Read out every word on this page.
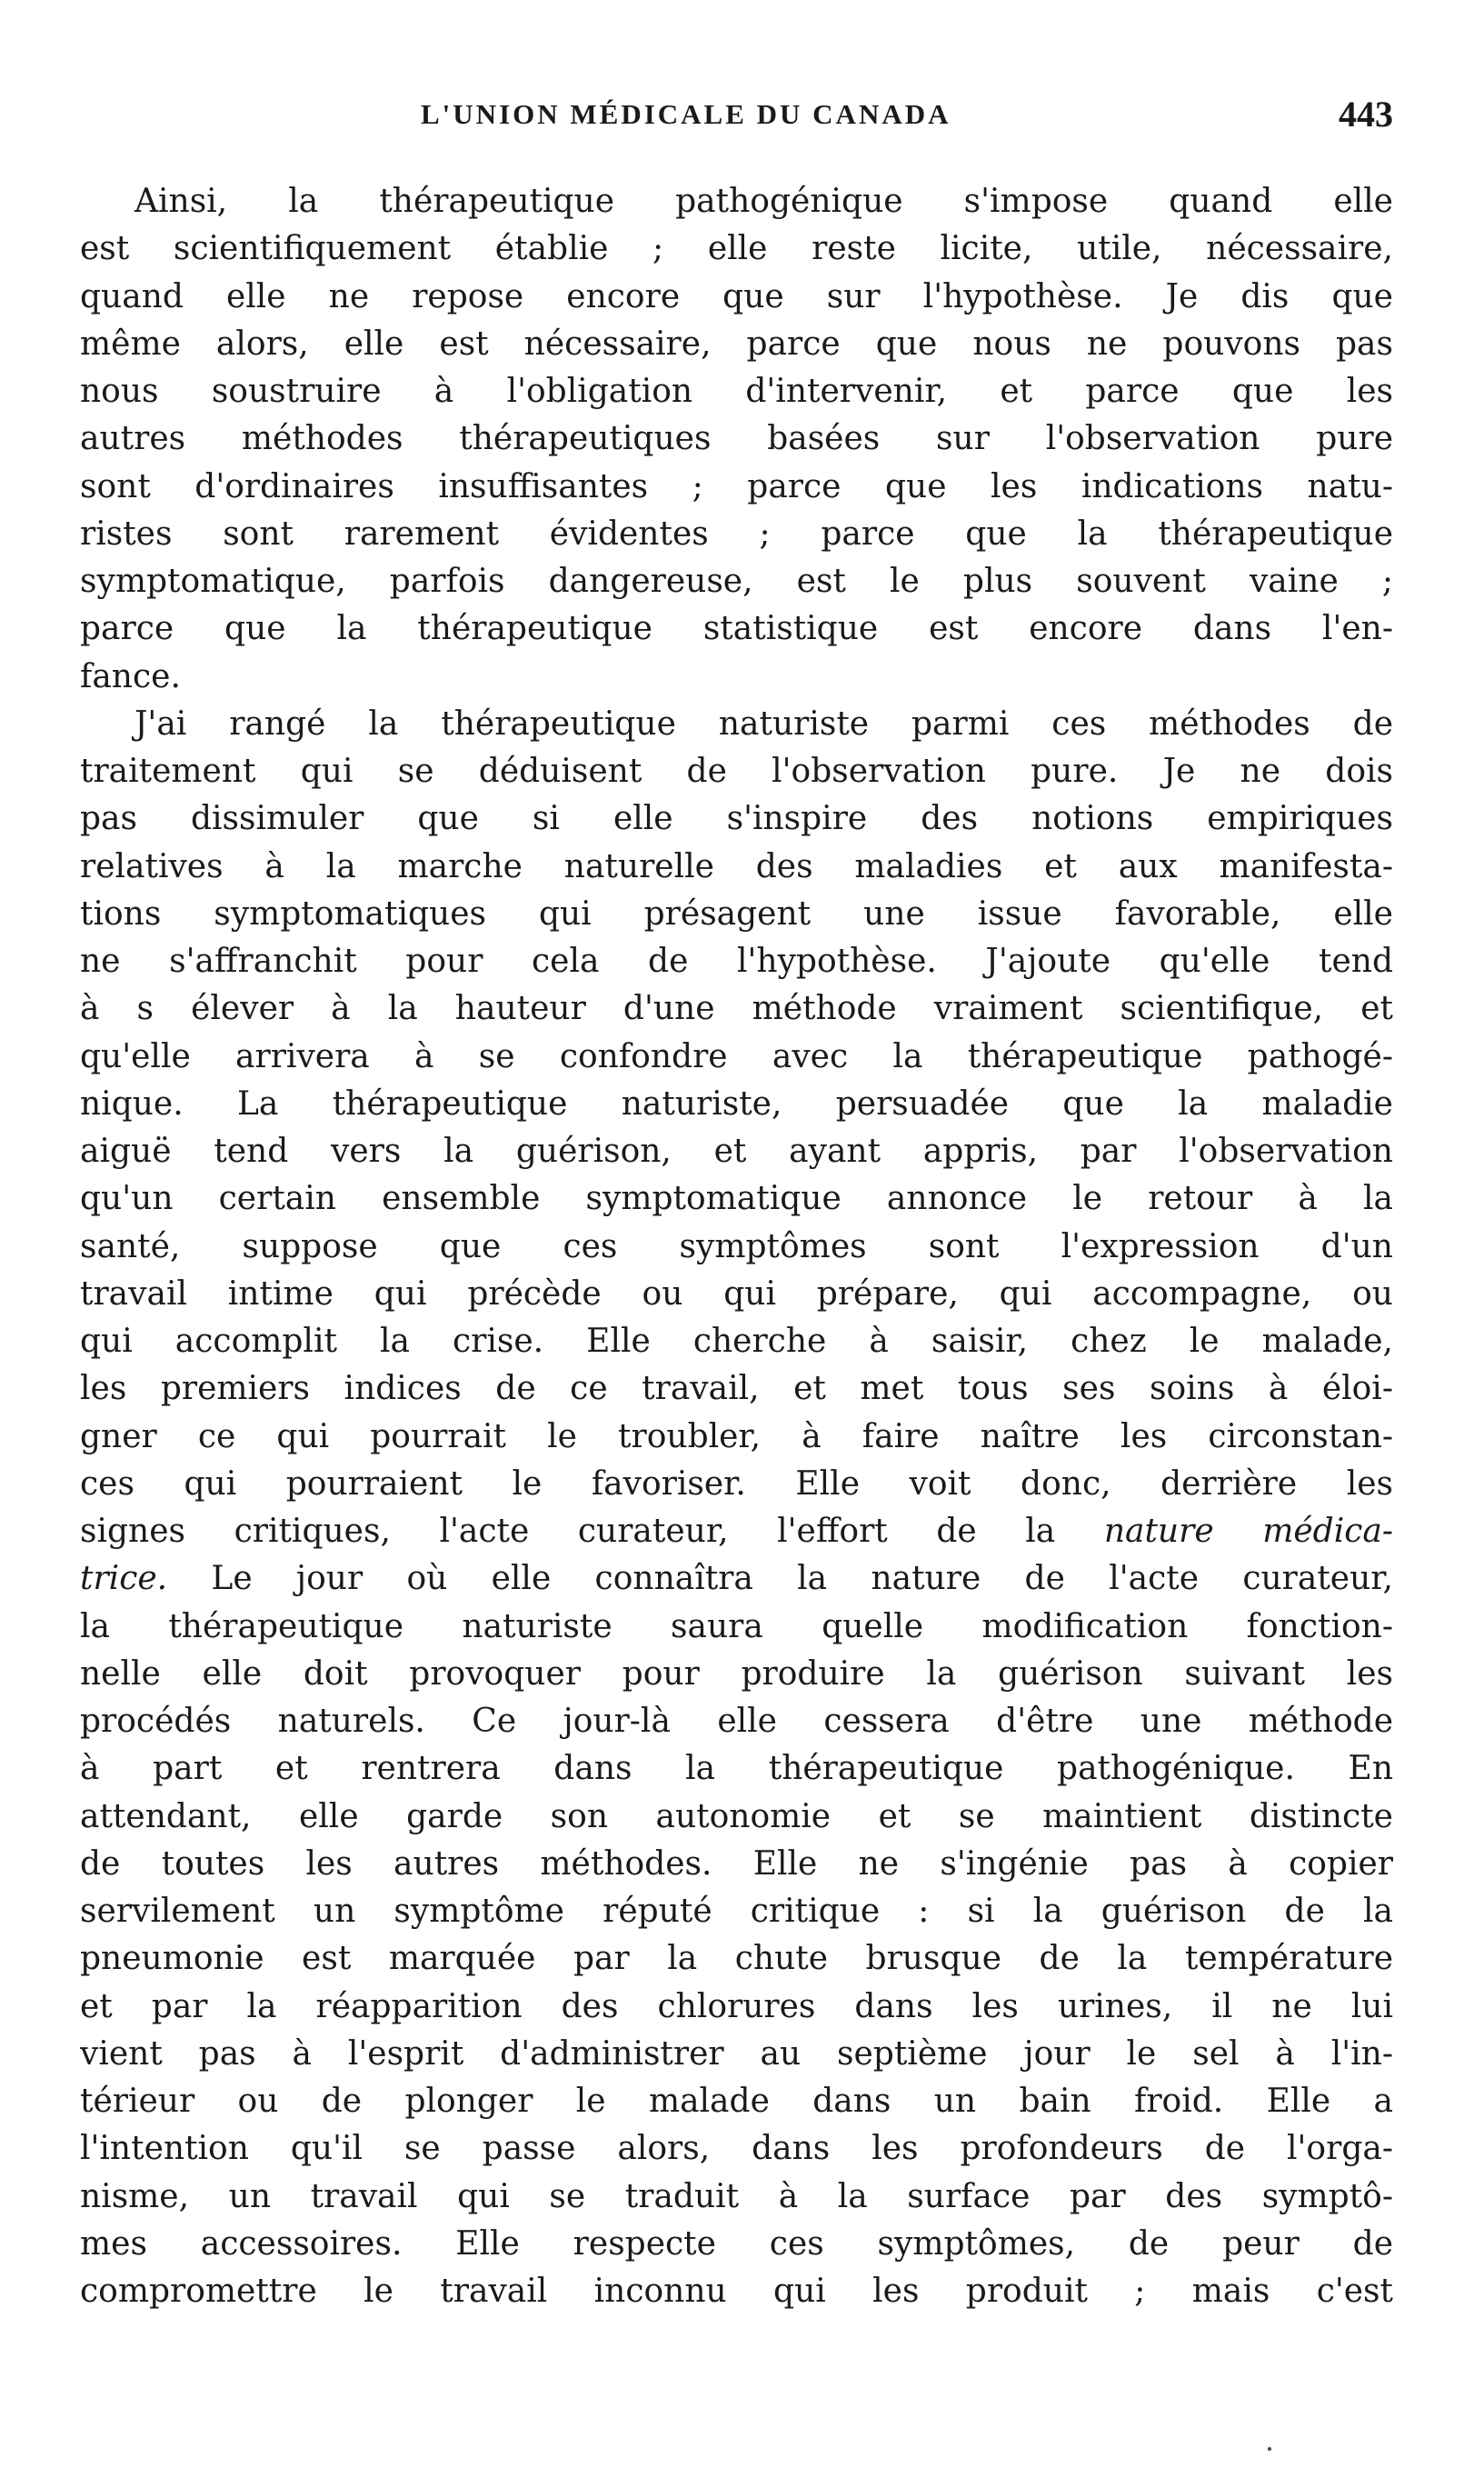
L'UNION MÉDICALE DU CANADA	443
Ainsi, la thérapeutique pathogénique s'impose quand elle
est scientifiquement établie ; elle reste licite, utile, nécessaire,
quand elle ne repose encore que sur l'hypothèse. Je dis que
même alors, elle est nécessaire, parce que nous ne pouvons pas
nous soustruire à l'obligation d'intervenir, et parce que les
autres méthodes thérapeutiques basées sur l'observation pure
sont d'ordinaires insuffisantes ; parce que les indications natu-
ristes sont rarement évidentes ; parce que la thérapeutique
symptomatique, parfois dangereuse, est le plus souvent vaine ;
parce que la thérapeutique statistique est encore dans l'en-
fance.
J'ai rangé la thérapeutique naturiste parmi ces méthodes de
traitement qui se déduisent de l'observation pure. Je ne dois
pas dissimuler que si elle s'inspire des notions empiriques
relatives à la marche naturelle des maladies et aux manifesta-
tions symptomatiques qui présagent une issue favorable, elle
ne s'affranchit pour cela de l'hypothèse. J'ajoute qu'elle tend
à s élever à la hauteur d'une méthode vraiment scientifique, et
qu'elle arrivera à se confondre avec la thérapeutique pathogé-
nique. La thérapeutique naturiste, persuadée que la maladie
aiguë tend vers la guérison, et ayant appris, par l'observation
qu'un certain ensemble symptomatique annonce le retour à la
santé, suppose que ces symptômes sont l'expression d'un
travail intime qui précède ou qui prépare, qui accompagne, ou
qui accomplit la crise. Elle cherche à saisir, chez le malade,
les premiers indices de ce travail, et met tous ses soins à éloi-
gner ce qui pourrait le troubler, à faire naître les circonstan-
ces qui pourraient le favoriser. Elle voit donc, derrière les
signes critiques, l'acte curateur, l'effort de la nature médica-
trice. Le jour où elle connaîtra la nature de l'acte curateur,
la thérapeutique naturiste saura quelle modification fonction-
nelle elle doit provoquer pour produire la guérison suivant les
procédés naturels. Ce jour-là elle cessera d'être une méthode
à part et rentrera dans la thérapeutique pathogénique. En
attendant, elle garde son autonomie et se maintient distincte
de toutes les autres méthodes. Elle ne s'ingénie pas à copier
servilement un symptôme réputé critique : si la guérison de la
pneumonie est marquée par la chute brusque de la température
et par la réapparition des chlorures dans les urines, il ne lui
vient pas à l'esprit d'administrer au septième jour le sel à l'in-
térieur ou de plonger le malade dans un bain froid. Elle a
l'intention qu'il se passe alors, dans les profondeurs de l'orga-
nisme, un travail qui se traduit à la surface par des symptô-
mes accessoires. Elle respecte ces symptômes, de peur de
compromettre le travail inconnu qui les produit ; mais c'est
